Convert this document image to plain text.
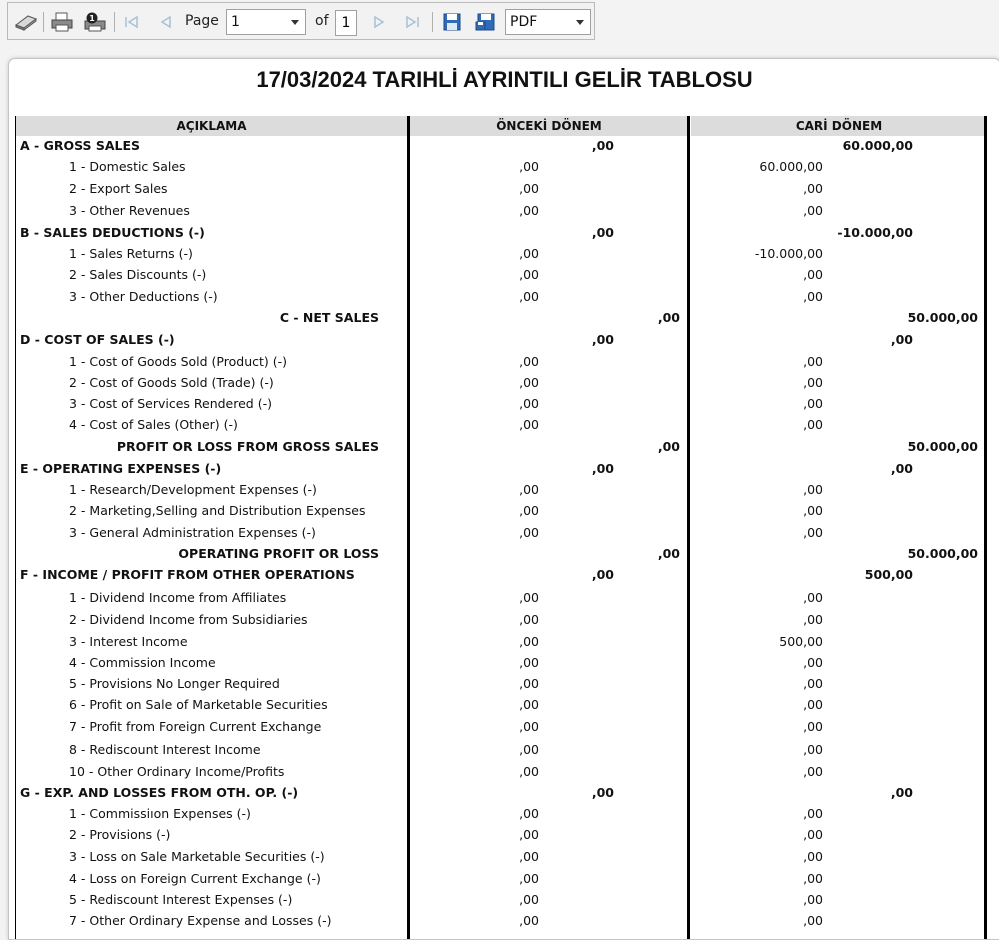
1	Page 1	of 1	PDF
17/03/2024 TARIHLİ AYRINTILI GELİR TABLOSU
AÇIKLAMA	ÖNCEKİ DÖNEM	CARİ DÖNEM
A - GROSS SALES	,00	60.000,00
1 - Domestic Sales	,00	60.000,00
2 - Export Sales	,00	,00
3 - Other Revenues	,00	,00
B - SALES DEDUCTIONS (-)	,00	-10.000,00
1 - Sales Returns (-)	,00	-10.000,00
2 - Sales Discounts (-)	,00	,00
3 - Other Deductions (-)	,00	,00
C - NET SALES	,00	50.000,00
D - COST OF SALES (-)	,00	,00
1 - Cost of Goods Sold (Product) (-)	,00	,00
2 - Cost of Goods Sold (Trade) (-)	,00	,00
3 - Cost of Services Rendered (-)	,00	,00
4 - Cost of Sales (Other) (-)	,00	,00
PROFIT OR LOSS FROM GROSS SALES	,00	50.000,00
E - OPERATING EXPENSES (-)	,00	,00
1 - Research/Development Expenses (-)	,00	,00
2 - Marketing,Selling and Distribution Expenses	,00	,00
3 - General Administration Expenses (-)	,00	,00
OPERATING PROFIT OR LOSS	,00	50.000,00
F - INCOME / PROFIT FROM OTHER OPERATIONS	,00	500,00
1 - Dividend Income from Affiliates	,00	,00
2 - Dividend Income from Subsidiaries	,00	,00
3 - Interest Income	,00	500,00
4 - Commission Income	,00	,00
5 - Provisions No Longer Required	,00	,00
6 - Profit on Sale of Marketable Securities	,00	,00
7 - Profit from Foreign Current Exchange	,00	,00
8 - Rediscount Interest Income	,00	,00
10 - Other Ordinary Income/Profits	,00	,00
G - EXP. AND LOSSES FROM OTH. OP. (-)	,00	,00
1 - Commissiıon Expenses (-)	,00	,00
2 - Provisions (-)	,00	,00
3 - Loss on Sale Marketable Securities (-)	,00	,00
4 - Loss on Foreign Current Exchange (-)	,00	,00
5 - Rediscount Interest Expenses (-)	,00	,00
7 - Other Ordinary Expense and Losses (-)	,00	,00
